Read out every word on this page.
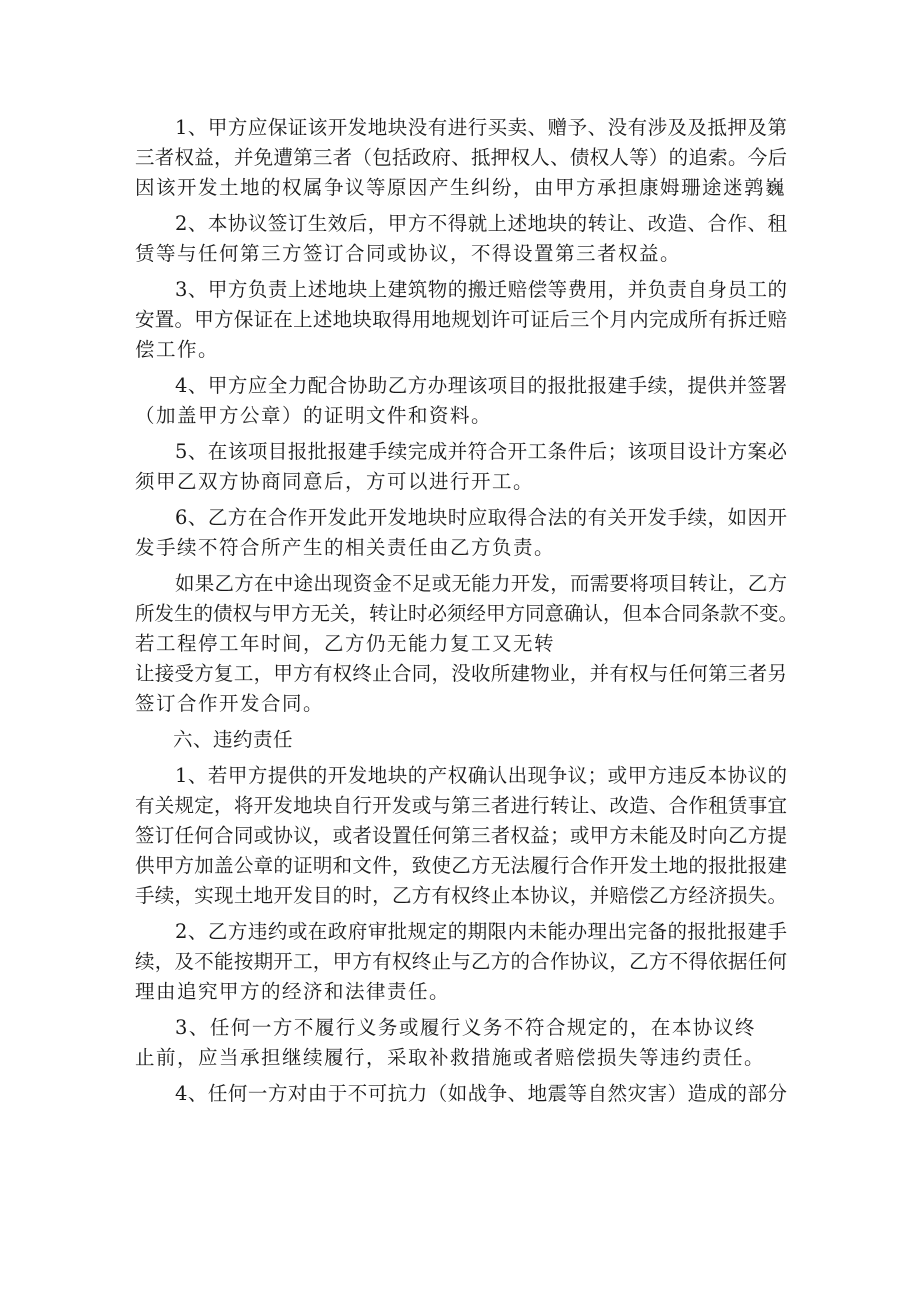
1、甲方应保证该开发地块没有进行买卖、赠予、没有涉及及抵押及第
三者权益，并免遭第三者（包括政府、抵押权人、债权人等）的追索。今后
因该开发土地的权属争议等原因产生纠纷，由甲方承担康姆珊途迷鹑巍
2、本协议签订生效后，甲方不得就上述地块的转让、改造、合作、租
赁等与任何第三方签订合同或协议，不得设置第三者权益。
3、甲方负责上述地块上建筑物的搬迁赔偿等费用，并负责自身员工的
安置。甲方保证在上述地块取得用地规划许可证后三个月内完成所有拆迁赔
偿工作。
4、甲方应全力配合协助乙方办理该项目的报批报建手续，提供并签署
（加盖甲方公章）的证明文件和资料。
5、在该项目报批报建手续完成并符合开工条件后；该项目设计方案必
须甲乙双方协商同意后，方可以进行开工。
6、乙方在合作开发此开发地块时应取得合法的有关开发手续，如因开
发手续不符合所产生的相关责任由乙方负责。
如果乙方在中途出现资金不足或无能力开发，而需要将项目转让，乙方
所发生的债权与甲方无关，转让时必须经甲方同意确认，但本合同条款不变。
若工程停工年时间，乙方仍无能力复工又无转
让接受方复工，甲方有权终止合同，没收所建物业，并有权与任何第三者另
签订合作开发合同。
六、违约责任
1、若甲方提供的开发地块的产权确认出现争议；或甲方违反本协议的
有关规定，将开发地块自行开发或与第三者进行转让、改造、合作租赁事宜
签订任何合同或协议，或者设置任何第三者权益；或甲方未能及时向乙方提
供甲方加盖公章的证明和文件，致使乙方无法履行合作开发土地的报批报建
手续，实现土地开发目的时，乙方有权终止本协议，并赔偿乙方经济损失。
2、乙方违约或在政府审批规定的期限内未能办理出完备的报批报建手
续，及不能按期开工，甲方有权终止与乙方的合作协议，乙方不得依据任何
理由追究甲方的经济和法律责任。
3、任何一方不履行义务或履行义务不符合规定的，在本协议终
止前，应当承担继续履行，采取补救措施或者赔偿损失等违约责任。
4、任何一方对由于不可抗力（如战争、地震等自然灾害）造成的部分
